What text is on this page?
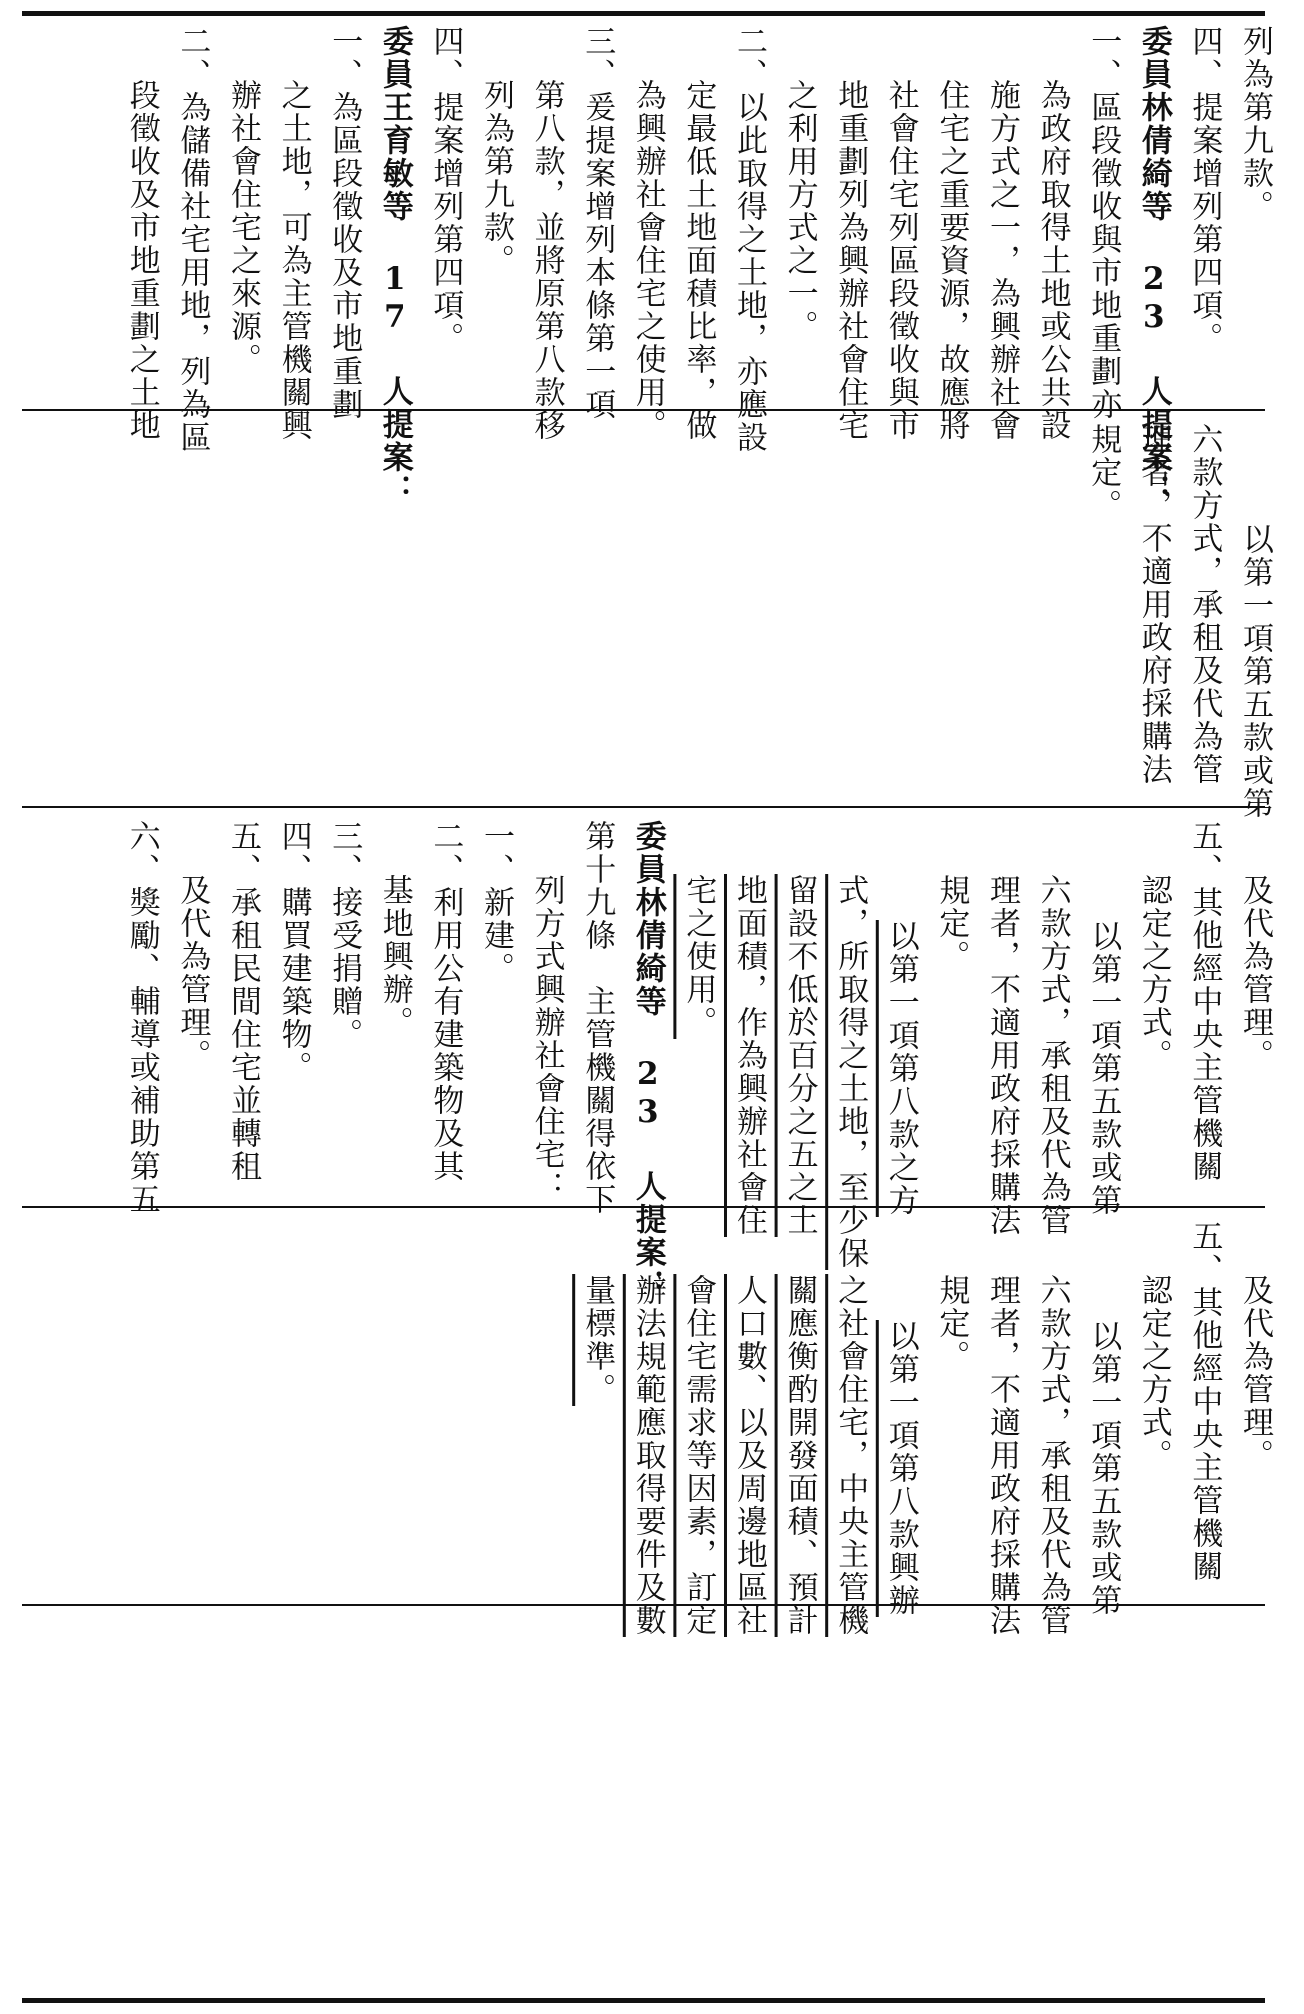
列為第九款。
四、提案增列第四項。
委員林倩綺等 23 人提案：
一、區段徵收與市地重劃亦
為政府取得土地或公共設
施方式之一，為興辦社會
住宅之重要資源，故應將
社會住宅列區段徵收與市
地重劃列為興辦社會住宅
之利用方式之一。
二、以此取得之土地，亦應設
定最低土地面積比率，做
為興辦社會住宅之使用。
三、爰提案增列本條第一項
第八款，並將原第八款移
列為第九款。
四、提案增列第四項。
委員王育敏等 17 人提案：
一、為區段徵收及市地重劃
之土地，可為主管機關興
辦社會住宅之來源。
二、為儲備社宅用地，列為區
段徵收及市地重劃之土地
以第一項第五款或第
六款方式，承租及代為管
理者，不適用政府採購法
規定。
及代為管理。
五、其他經中央主管機關
認定之方式。
以第一項第五款或第
六款方式，承租及代為管
理者，不適用政府採購法
規定。
以第一項第八款之方
式，所取得之土地，至少保
留設不低於百分之五之土
地面積，作為興辦社會住
宅之使用。
委員林倩綺等 23 人提案：
第十九條　主管機關得依下
列方式興辦社會住宅：
一、新建。
二、利用公有建築物及其
基地興辦。
三、接受捐贈。
四、購買建築物。
五、承租民間住宅並轉租
及代為管理。
六、獎勵、輔導或補助第五
及代為管理。
五、其他經中央主管機關
認定之方式。
以第一項第五款或第
六款方式，承租及代為管
理者，不適用政府採購法
規定。
以第一項第八款興辦
之社會住宅，中央主管機
關應衡酌開發面積、預計
人口數、以及周邊地區社
會住宅需求等因素，訂定
辦法規範應取得要件及數
量標準。
